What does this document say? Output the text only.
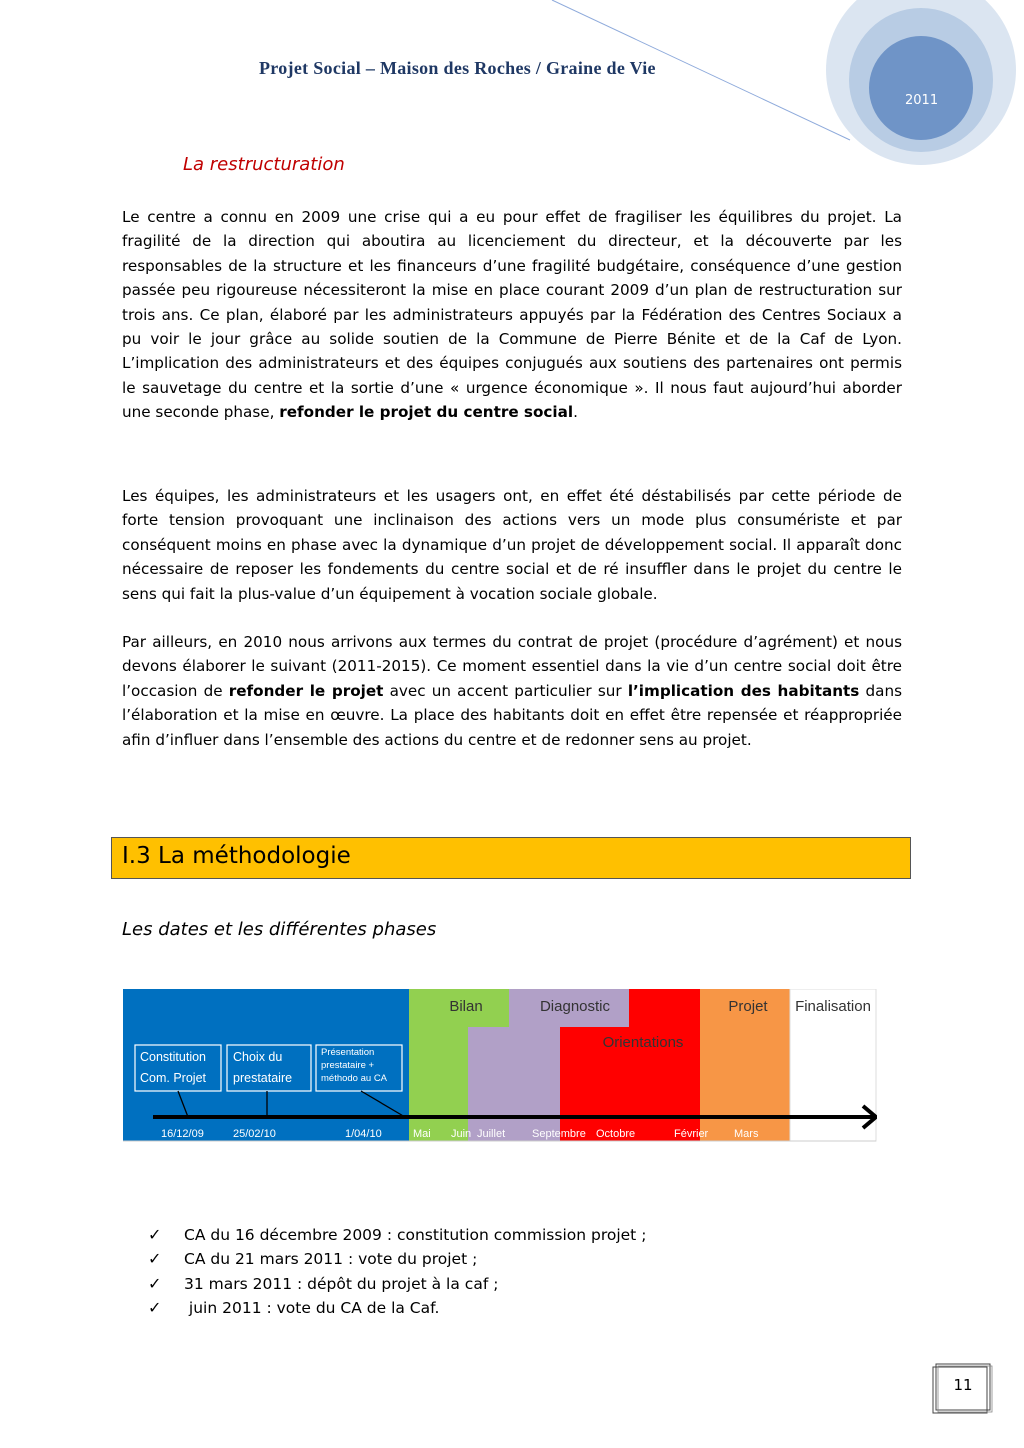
Projet Social – Maison des Roches / Graine de Vie
2011
La restructuration

Le centre a connu en 2009 une crise qui a eu pour effet de fragiliser les équilibres du projet. La fragilité de la direction qui aboutira au licenciement du directeur, et la découverte par les responsables de la structure et les financeurs d’une fragilité budgétaire, conséquence d’une gestion passée peu rigoureuse nécessiteront la mise en place courant 2009 d’un plan de restructuration sur trois ans. Ce plan, élaboré par les administrateurs appuyés par la Fédération des Centres Sociaux a pu voir le jour grâce au solide soutien de la Commune de Pierre Bénite et de la Caf de Lyon. L’implication des administrateurs et des équipes conjugués aux soutiens des partenaires ont permis le sauvetage du centre et la sortie d’une « urgence économique ». Il nous faut aujourd’hui aborder une seconde phase, refonder le projet du centre social.

Les équipes, les administrateurs et les usagers ont, en effet été déstabilisés par cette période de forte tension provoquant une inclinaison des actions vers un mode plus consumériste et par conséquent moins en phase avec la dynamique d’un projet de développement social. Il apparaît donc nécessaire de reposer les fondements du centre social et de ré insuffler dans le projet du centre le sens qui fait la plus-value d’un équipement à vocation sociale globale.

Par ailleurs, en 2010 nous arrivons aux termes du contrat de projet (procédure d’agrément) et nous devons élaborer le suivant (2011-2015). Ce moment essentiel dans la vie d’un centre social doit être l’occasion de refonder le projet avec un accent particulier sur l’implication des habitants dans l’élaboration et la mise en œuvre. La place des habitants doit en effet être repensée et réappropriée afin d’influer dans l’ensemble des actions du centre et de redonner sens au projet.

I.3 La méthodologie
Les dates et les différentes phases
Bilan	Diagnostic
Orientations
Projet Finalisation
Constitution
Com. Projet
Choix du
prestataire
Présentation
prestataire +
méthodo au CA
16/12/09	25/02/10	1/04/10	Mai Juin Juillet Septembre Octobre	Février Mars
✓	CA du 16 décembre 2009 : constitution commission projet ;
✓	CA du 21 mars 2011 : vote du projet ;
✓	31 mars 2011 : dépôt du projet à la caf ;
✓	juin 2011 : vote du CA de la Caf.
11
